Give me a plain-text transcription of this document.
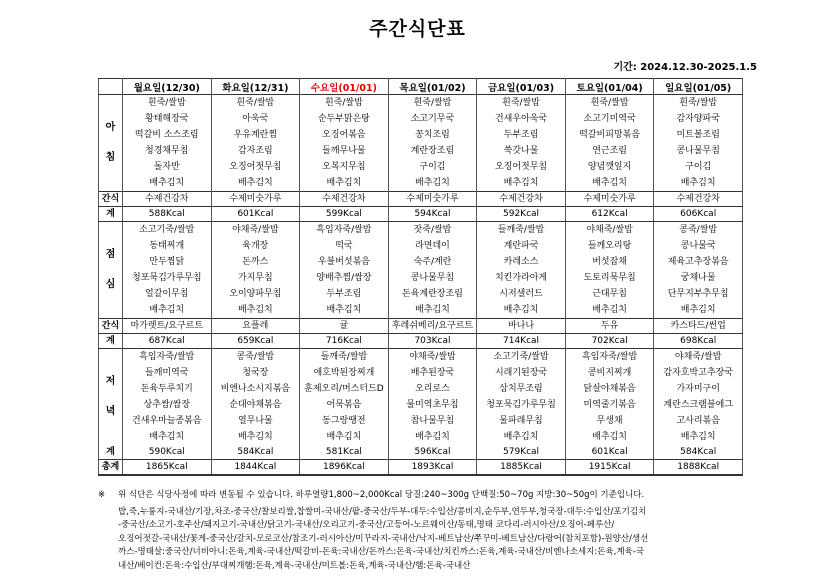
주간식단표
기간: 2024.12.30-2025.1.5
	월요일(12/30)	화요일(12/31)	수요일(01/01)	목요일(01/02)	금요일(01/03)	토요일(01/04)	일요일(01/05)

아
침	흰죽/쌀밥	흰죽/쌀밥	흰죽/쌀밥	흰죽/쌀밥	흰죽/쌀밥	흰죽/쌀밥	흰죽/쌀밥
	황태해장국	아욱국	순두부맑은탕	소고기무국	건새우아욱국	소고기미역국	감자양파국
	떡갈비 소스조림	우유계란찜	오징어볶음	꽁치조림	두부조림	떡갈비피망볶음	미트볼조림
	청경채무침	감자조림	들깨무나물	계란장조림	쑥갓나물	연근조림	콩나물무침
	돌자반	오징어젓무침	오복지무침	구이김	오징어젓무침	양념깻잎지	구이김
	배추김치	배추김치	배추김치	배추김치	배추김치	배추김치	배추김치
간식	수제건강차	수제미숫가루	수제건강차	수제미숫가루	수제건강차	수제미숫가루	수제건강차
계	588Kcal	601Kcal	599Kcal	594Kcal	592Kcal	612Kcal	606Kcal

점
심	소고기죽/쌀밥	야채죽/쌀밥	흑임자죽/쌀밥	잣죽/쌀밥	들깨죽/쌀밥	야채죽/쌀밥	콩죽/쌀밥
	동태찌개	육개장	떡국	라면데이	계란파국	들깨오리탕	콩나물국
	만두찜닭	돈까스	우불버섯볶음	숙주/계란	카레소스	버섯잡채	제육고추장볶음
	청포묵김가루무침	가지무침	양배추찜/쌈장	콩나물무침	치킨가라아게	도토리묵무침	궁채나물
	얼갈이무침	오이양파무침	두부조림	돈육계란장조림	시저샐러드	근대무침	단무지부추무침
	배추김치	배추김치	배추김치	배추김치	배추김치	배추김치	배추김치
간식	마가렛트/요구르트	요플레	귤	후레쉬베리/요구르트	바나나	두유	카스타드/썬업
계	687Kcal	659Kcal	716Kcal	703Kcal	714Kcal	702Kcal	698Kcal

저
녁	흑임자죽/쌀밥	콩죽/쌀밥	들깨죽/쌀밥	야채죽/쌀밥	소고기죽/쌀밥	흑임자죽/쌀밥	야채죽/쌀밥
	들깨미역국	청국장	애호박된장찌개	배추된장국	시래기된장국	콩비지찌개	감자호박고추장국
	돈육두루치기	비엔나소시지볶음	훈제오리/머스터드D	오리로스	삼치무조림	닭살야채볶음	가자미구이
	상추쌈/쌈장	순대야채볶음	어묵볶음	물미역초무침	청포묵김가루무침	미역줄기볶음	계란스크램블에그
	건새우마늘종볶음	열무나물	동그랑땡전	참나물무침	물파래무침	무생채	고사리볶음
	배추김치	배추김치	배추김치	배추김치	배추김치	배추김치	배추김치
계	590Kcal	584Kcal	581Kcal	596Kcal	579Kcal	601Kcal	584Kcal
총계	1865Kcal	1844Kcal	1896Kcal	1893Kcal	1885Kcal	1915Kcal	1888Kcal
※	위 식단은 식당사정에 따라 변동될 수 있습니다. 하루열량1,800~2,000Kcal 당질:240~300g 단백질:50~70g 지방:30~50g이 기준입니다.
밥,죽,누룽지-국내산/기장,차조-중국산/찰보리쌀,찹쌀미-국내산/팥-중국산/두부-대두:수입산/콩비지,순두부,연두부,청국장-대두:수입산/포기김치
-중국산/소고기-호주산/돼지고기-국내산/닭고기-국내산/오리고기-중국산/고등어-노르웨이산/동태,명태 코다리-러시아산/오징어-페루산/
오징어젓갈-국내산/꽃게-중국산/갈치-모로코산/참조기-러시아산/미꾸라지-국내산/낙지-베트남산/쭈꾸미-베트남산/다랑어(참치포함)-원양산/생선
까스-명태살:중국산/너비아니:돈육,계육-국내산/떡갈비-돈육:국내산/돈까스:돈육-국내산/치킨까스:돈육,계육-국내산/비엔나소세지:돈육,계육-국
내산/베이컨:돈육:수입산/부대찌개햄:돈육,계육-국내산/미트볼:돈육,계육-국내산/햄:돈육-국내산
